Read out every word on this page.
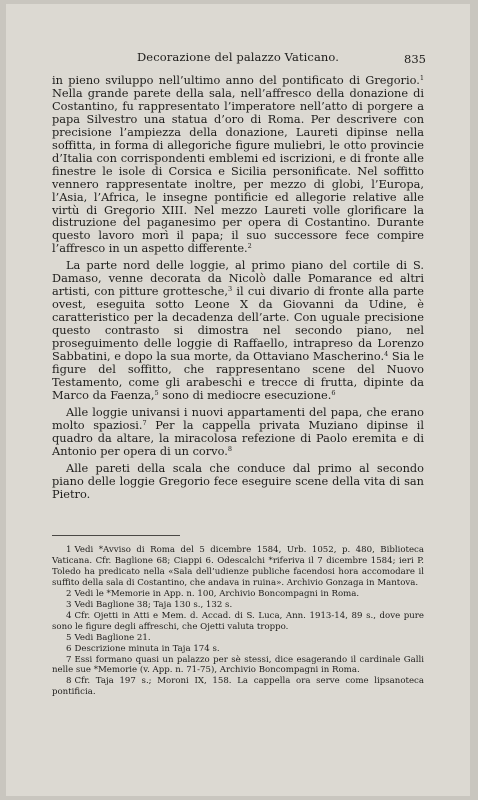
Decorazione del palazzo Vaticano.	835

in pieno sviluppo nell’ultimo anno del pontificato di Gregorio.$^1$ Nella grande parete della sala, nell’affresco della donazione di Costantino, fu rappresentato l’imperatore nell’atto di porgere a papa Silvestro una statua d’oro di Roma. Per descrivere con precisione l’ampiezza della donazione, Laureti dipinse nella soffitta, in forma di allegoriche figure muliebri, le otto provincie d’Italia con corrispondenti emblemi ed iscrizioni, e di fronte alle finestre le isole di Corsica e Sicilia personificate. Nel soffitto vennero rappresentate inoltre, per mezzo di globi, l’Europa, l’Asia, l’Africa, le insegne pontificie ed allegorie relative alle virtù di Gregorio XIII. Nel mezzo Laureti volle glorificare la distruzione del paganesimo per opera di Costantino. Durante questo lavoro morì il papa; il suo successore fece compire l’affresco in un aspetto differente.$^2$

La parte nord delle loggie, al primo piano del cortile di S. Damaso, venne decorata da Nicolò dalle Pomarance ed altri artisti, con pitture grottesche,$^3$ il cui divario di fronte alla parte ovest, eseguita sotto Leone X da Giovanni da Udine, è caratteristico per la decadenza dell’arte. Con uguale precisione questo contrasto si dimostra nel secondo piano, nel proseguimento delle loggie di Raffaello, intrapreso da Lorenzo Sabbatini, e dopo la sua morte, da Ottaviano Mascherino.$^4$ Sia le figure del soffitto, che rappresentano scene del Nuovo Testamento, come gli arabeschi e trecce di frutta, dipinte da Marco da Faenza,$^5$ sono di mediocre esecuzione.$^6$

Alle loggie univansi i nuovi appartamenti del papa, che erano molto spaziosi.$^7$ Per la cappella privata Muziano dipinse il quadro da altare, la miracolosa refezione di Paolo eremita e di Antonio per opera di un corvo.$^8$

Alle pareti della scala che conduce dal primo al secondo piano delle loggie Gregorio fece eseguire scene della vita di san Pietro.

1 Vedi *Avviso di Roma del 5 dicembre 1584, Urb. 1052, p. 480, Biblioteca Vaticana. Cfr. Baglione 68; Ciappi 6. Odescalchi *riferiva il 7 dicembre 1584; ieri P. Toledo ha predicato nella «Sala dell’udienze publiche facendosi hora accomodare il suffito della sala di Costantino, che andava in ruina». Archivio Gonzaga in Mantova.
2 Vedi le *Memorie in App. n. 100, Archivio Boncompagni in Roma.
3 Vedi Baglione 38; Taja 130 s., 132 s.
4 Cfr. Ojetti in Atti e Mem. d. Accad. di S. Luca, Ann. 1913-14, 89 s., dove pure sono le figure degli affreschi, che Ojetti valuta troppo.
5 Vedi Baglione 21.
6 Descrizione minuta in Taja 174 s.
7 Essi formano quasi un palazzo per sè stessi, dice esagerando il cardinale Galli nelle sue *Memorie (v. App. n. 71-75), Archivio Boncompagni in Roma.
8 Cfr. Taja 197 s.; Moroni IX, 158. La cappella ora serve come lipsanoteca pontificia.
